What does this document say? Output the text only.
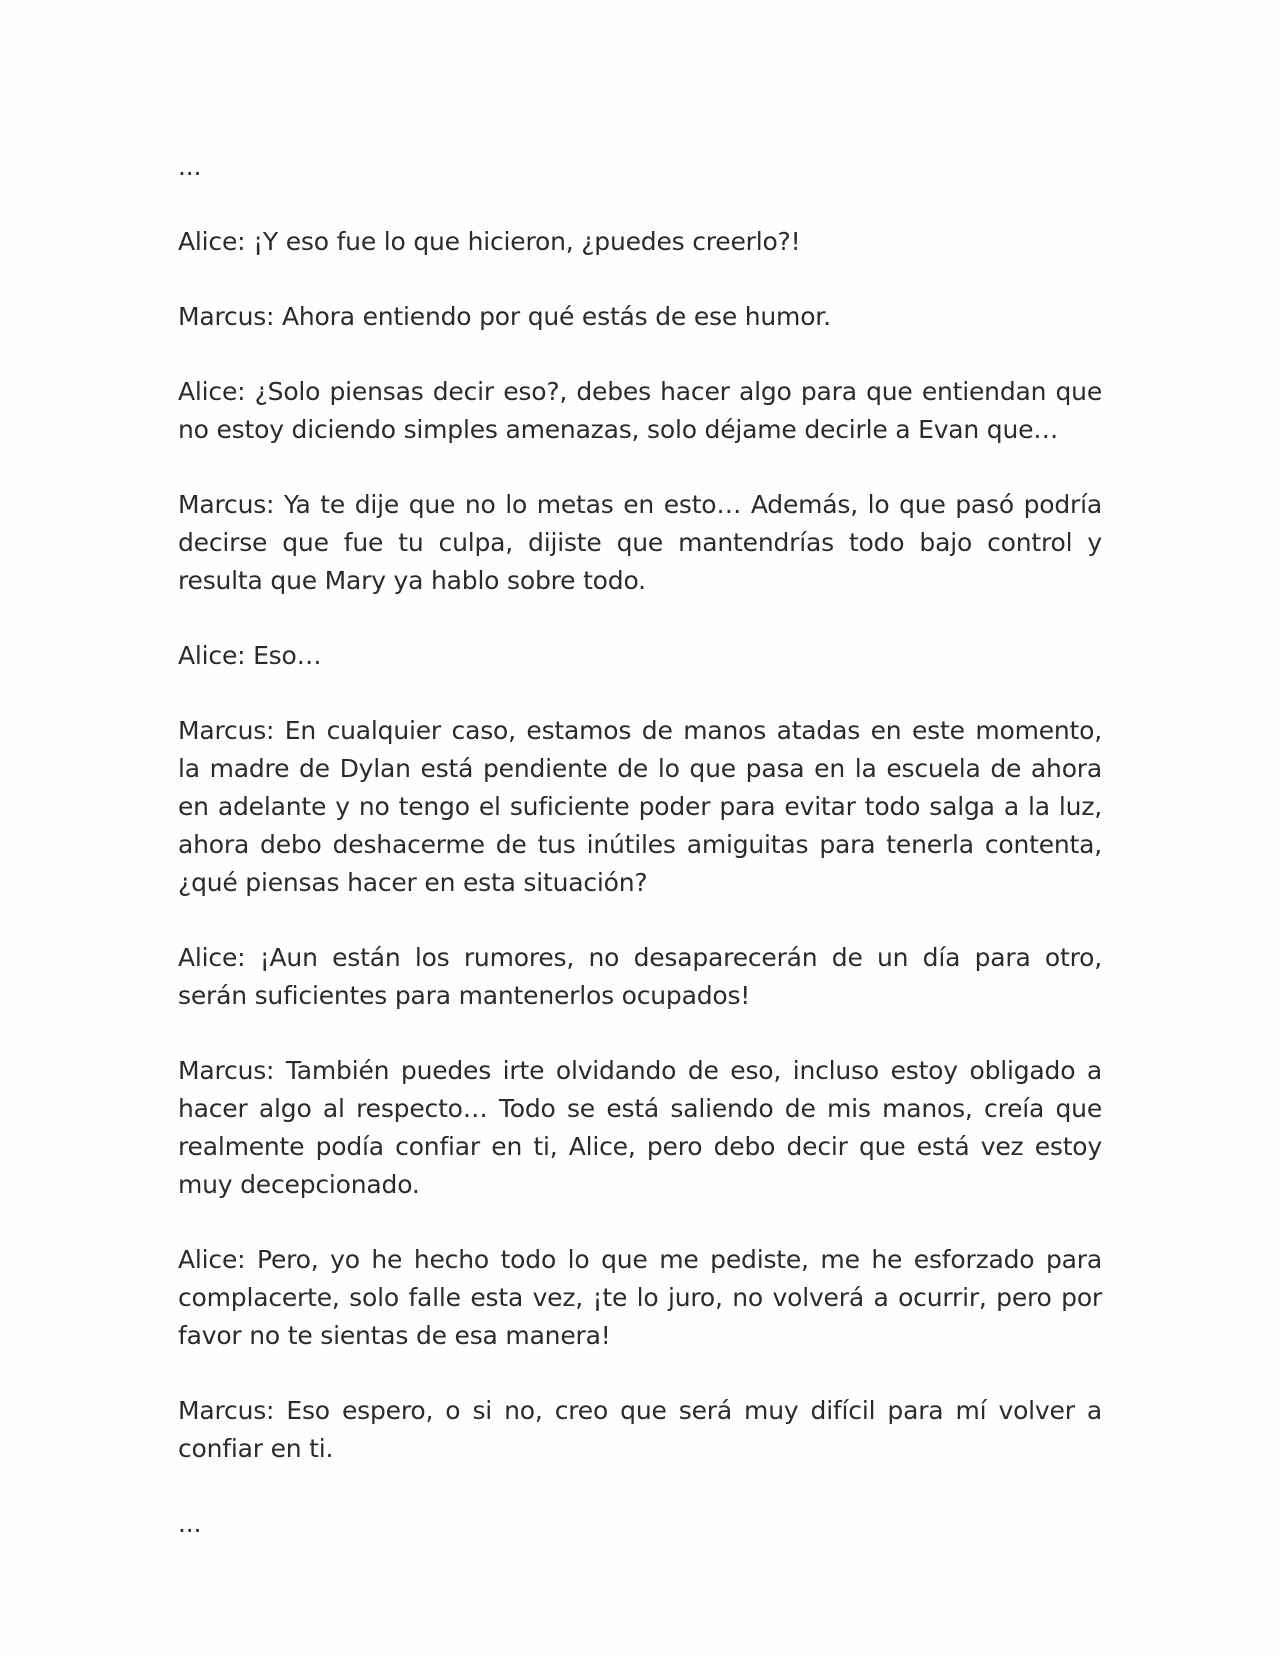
...

Alice: ¡Y eso fue lo que hicieron, ¿puedes creerlo?!

Marcus: Ahora entiendo por qué estás de ese humor.

Alice: ¿Solo piensas decir eso?, debes hacer algo para que entiendan que no estoy diciendo simples amenazas, solo déjame decirle a Evan que…

Marcus: Ya te dije que no lo metas en esto… Además, lo que pasó podría decirse que fue tu culpa, dijiste que mantendrías todo bajo control y resulta que Mary ya hablo sobre todo.

Alice: Eso…

Marcus: En cualquier caso, estamos de manos atadas en este momento, la madre de Dylan está pendiente de lo que pasa en la escuela de ahora en adelante y no tengo el suficiente poder para evitar todo salga a la luz, ahora debo deshacerme de tus inútiles amiguitas para tenerla contenta, ¿qué piensas hacer en esta situación?

Alice: ¡Aun están los rumores, no desaparecerán de un día para otro, serán suficientes para mantenerlos ocupados!

Marcus: También puedes irte olvidando de eso, incluso estoy obligado a hacer algo al respecto… Todo se está saliendo de mis manos, creía que realmente podía confiar en ti, Alice, pero debo decir que está vez estoy muy decepcionado.

Alice: Pero, yo he hecho todo lo que me pediste, me he esforzado para complacerte, solo falle esta vez, ¡te lo juro, no volverá a ocurrir, pero por favor no te sientas de esa manera!

Marcus: Eso espero, o si no, creo que será muy difícil para mí volver a confiar en ti.

...
